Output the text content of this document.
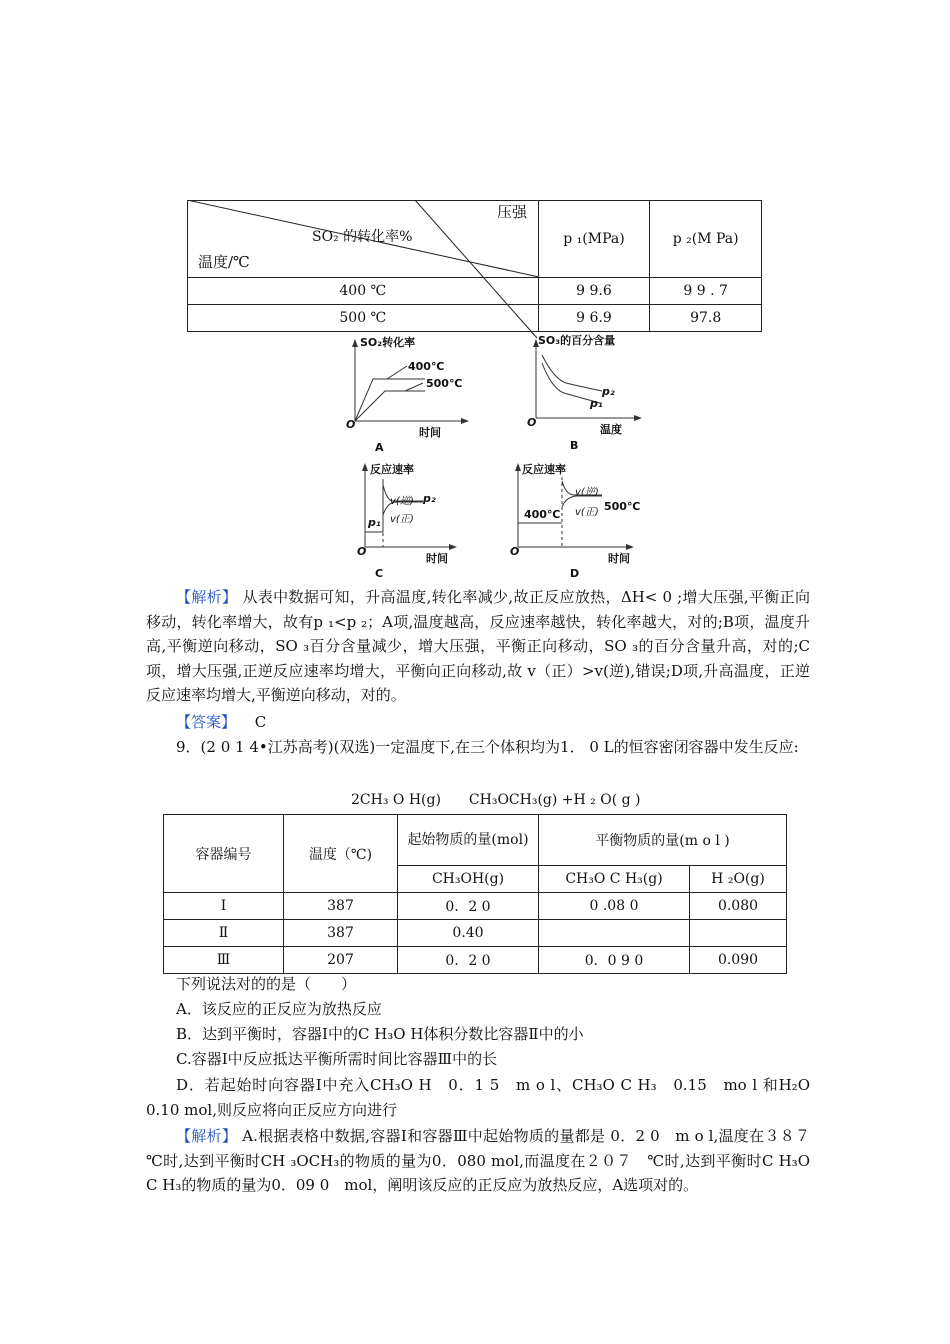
	p ₁(MPa)	p ₂(M Pa)
400 ℃	9 9.6	9 9 . 7
500 ℃	9 6.9	97.8
压强
SO₂ 的转化率%
温度/℃
SO₂转化率
400℃
500℃
O
时间
A
SO₃的百分含量
p₂
p₁
O
温度
B
反应速率
v(逆) p₂
v(正)
p₁
O
时间
C
反应速率
v(逆)
400℃ v(正) 500℃
O
时间
D
【解析】 从表中数据可知，升高温度,转化率减少,故正反应放热，ΔH< 0 ;增大压强,平衡正向移动，转化率增大，故有p ₁<p ₂；A项,温度越高，反应速率越快，转化率越大，对的;B项，温度升高,平衡逆向移动，SO ₃百分含量减少，增大压强，平衡正向移动，SO ₃的百分含量升高，对的;C项，增大压强,正逆反应速率均增大，平衡向正向移动,故 v（正）>v(逆),错误;D项,升高温度，正逆反应速率均增大,平衡逆向移动，对的。
【答案】 C
9．(2 0 1 4•江苏高考)(双选)一定温度下,在三个体积均为1． 0 L的恒容密闭容器中发生反应:
2CH₃ O H(g)　　CH₃OCH₃(g) +H ₂ O( g )
容器编号	温度（℃)	起始物质的量(mol)	平衡物质的量(m o l )	
		CH₃OH(g)	CH₃O C H₃(g)	H ₂O(g)
Ⅰ	387	0．2 0	0 .08 0	0.080
Ⅱ	387	0.40		
Ⅲ	207	0．2 0	0．0 9 0	0.090
下列说法对的的是（　　）
A．该反应的正反应为放热反应
B．达到平衡时，容器Ⅰ中的C H₃O H体积分数比容器Ⅱ中的小
C.容器Ⅰ中反应抵达平衡所需时间比容器Ⅲ中的长
D．若起始时向容器Ⅰ中充入CH₃O H　0．1 5　m o l、CH₃O C H₃　0.15　mo l 和H₂O　0.10 mol,则反应将向正反应方向进行
【解析】 A.根据表格中数据,容器Ⅰ和容器Ⅲ中起始物质的量都是 0．2 0　m o l,温度在３８７　℃时,达到平衡时CH ₃OCH₃的物质的量为0．080 mol,而温度在２０７　℃时,达到平衡时C H₃O C H₃的物质的量为0．09 0　mol，阐明该反应的正反应为放热反应，A选项对的。
